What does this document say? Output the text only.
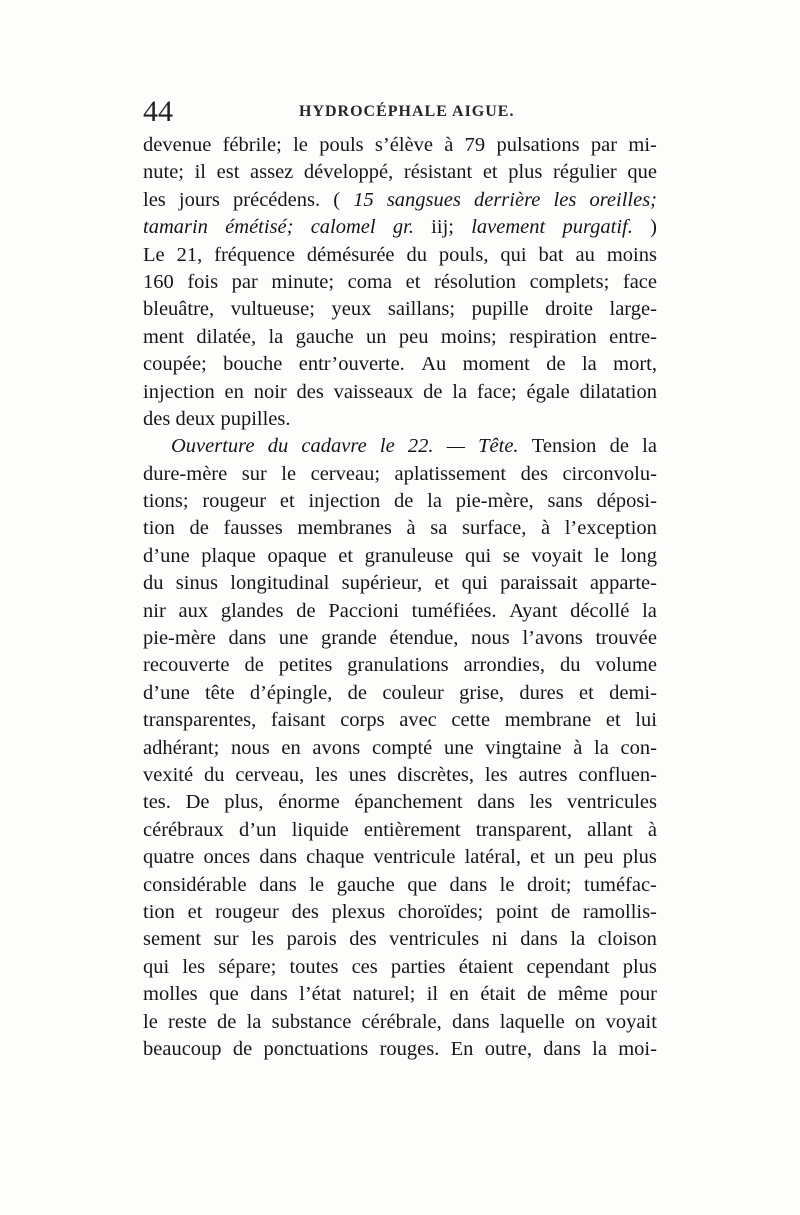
44	HYDROCÉPHALE AIGUE.
devenue fébrile; le pouls s’élève à 79 pulsations par mi-
nute; il est assez développé, résistant et plus régulier que
les jours précédens. ( 15 sangsues derrière les oreilles;
tamarin émétisé; calomel gr. iij; lavement purgatif. )
Le 21, fréquence démésurée du pouls, qui bat au moins
160 fois par minute; coma et résolution complets; face
bleuâtre, vultueuse; yeux saillans; pupille droite large-
ment dilatée, la gauche un peu moins; respiration entre-
coupée; bouche entr’ouverte. Au moment de la mort,
injection en noir des vaisseaux de la face; égale dilatation
des
deux
pupilles.
Ouverture du cadavre le 22. — Tête. Tension de la
dure-mère sur le cerveau; aplatissement des circonvolu-
tions; rougeur et injection de la pie-mère, sans déposi-
tion de fausses membranes à sa surface, à l’exception
d’une plaque opaque et granuleuse qui se voyait le long
du sinus longitudinal supérieur, et qui paraissait apparte-
nir aux glandes de Paccioni tuméfiées. Ayant décollé la
pie-mère dans une grande étendue, nous l’avons trouvée
recouverte de petites granulations arrondies, du volume
d’une tête d’épingle, de couleur grise, dures et demi-
transparentes, faisant corps avec cette membrane et lui
adhérant; nous en avons compté une vingtaine à la con-
vexité du cerveau, les unes discrètes, les autres confluen-
tes. De plus, énorme épanchement dans les ventricules
cérébraux d’un liquide entièrement transparent, allant à
quatre onces dans chaque ventricule latéral, et un peu plus
considérable dans le gauche que dans le droit; tuméfac-
tion et rougeur des plexus choroïdes; point de ramollis-
sement sur les parois des ventricules ni dans la cloison
qui les sépare; toutes ces parties étaient cependant plus
molles que dans l’état naturel; il en était de même pour
le reste de la substance cérébrale, dans laquelle on voyait
beaucoup de ponctuations rouges. En outre, dans la moi-
